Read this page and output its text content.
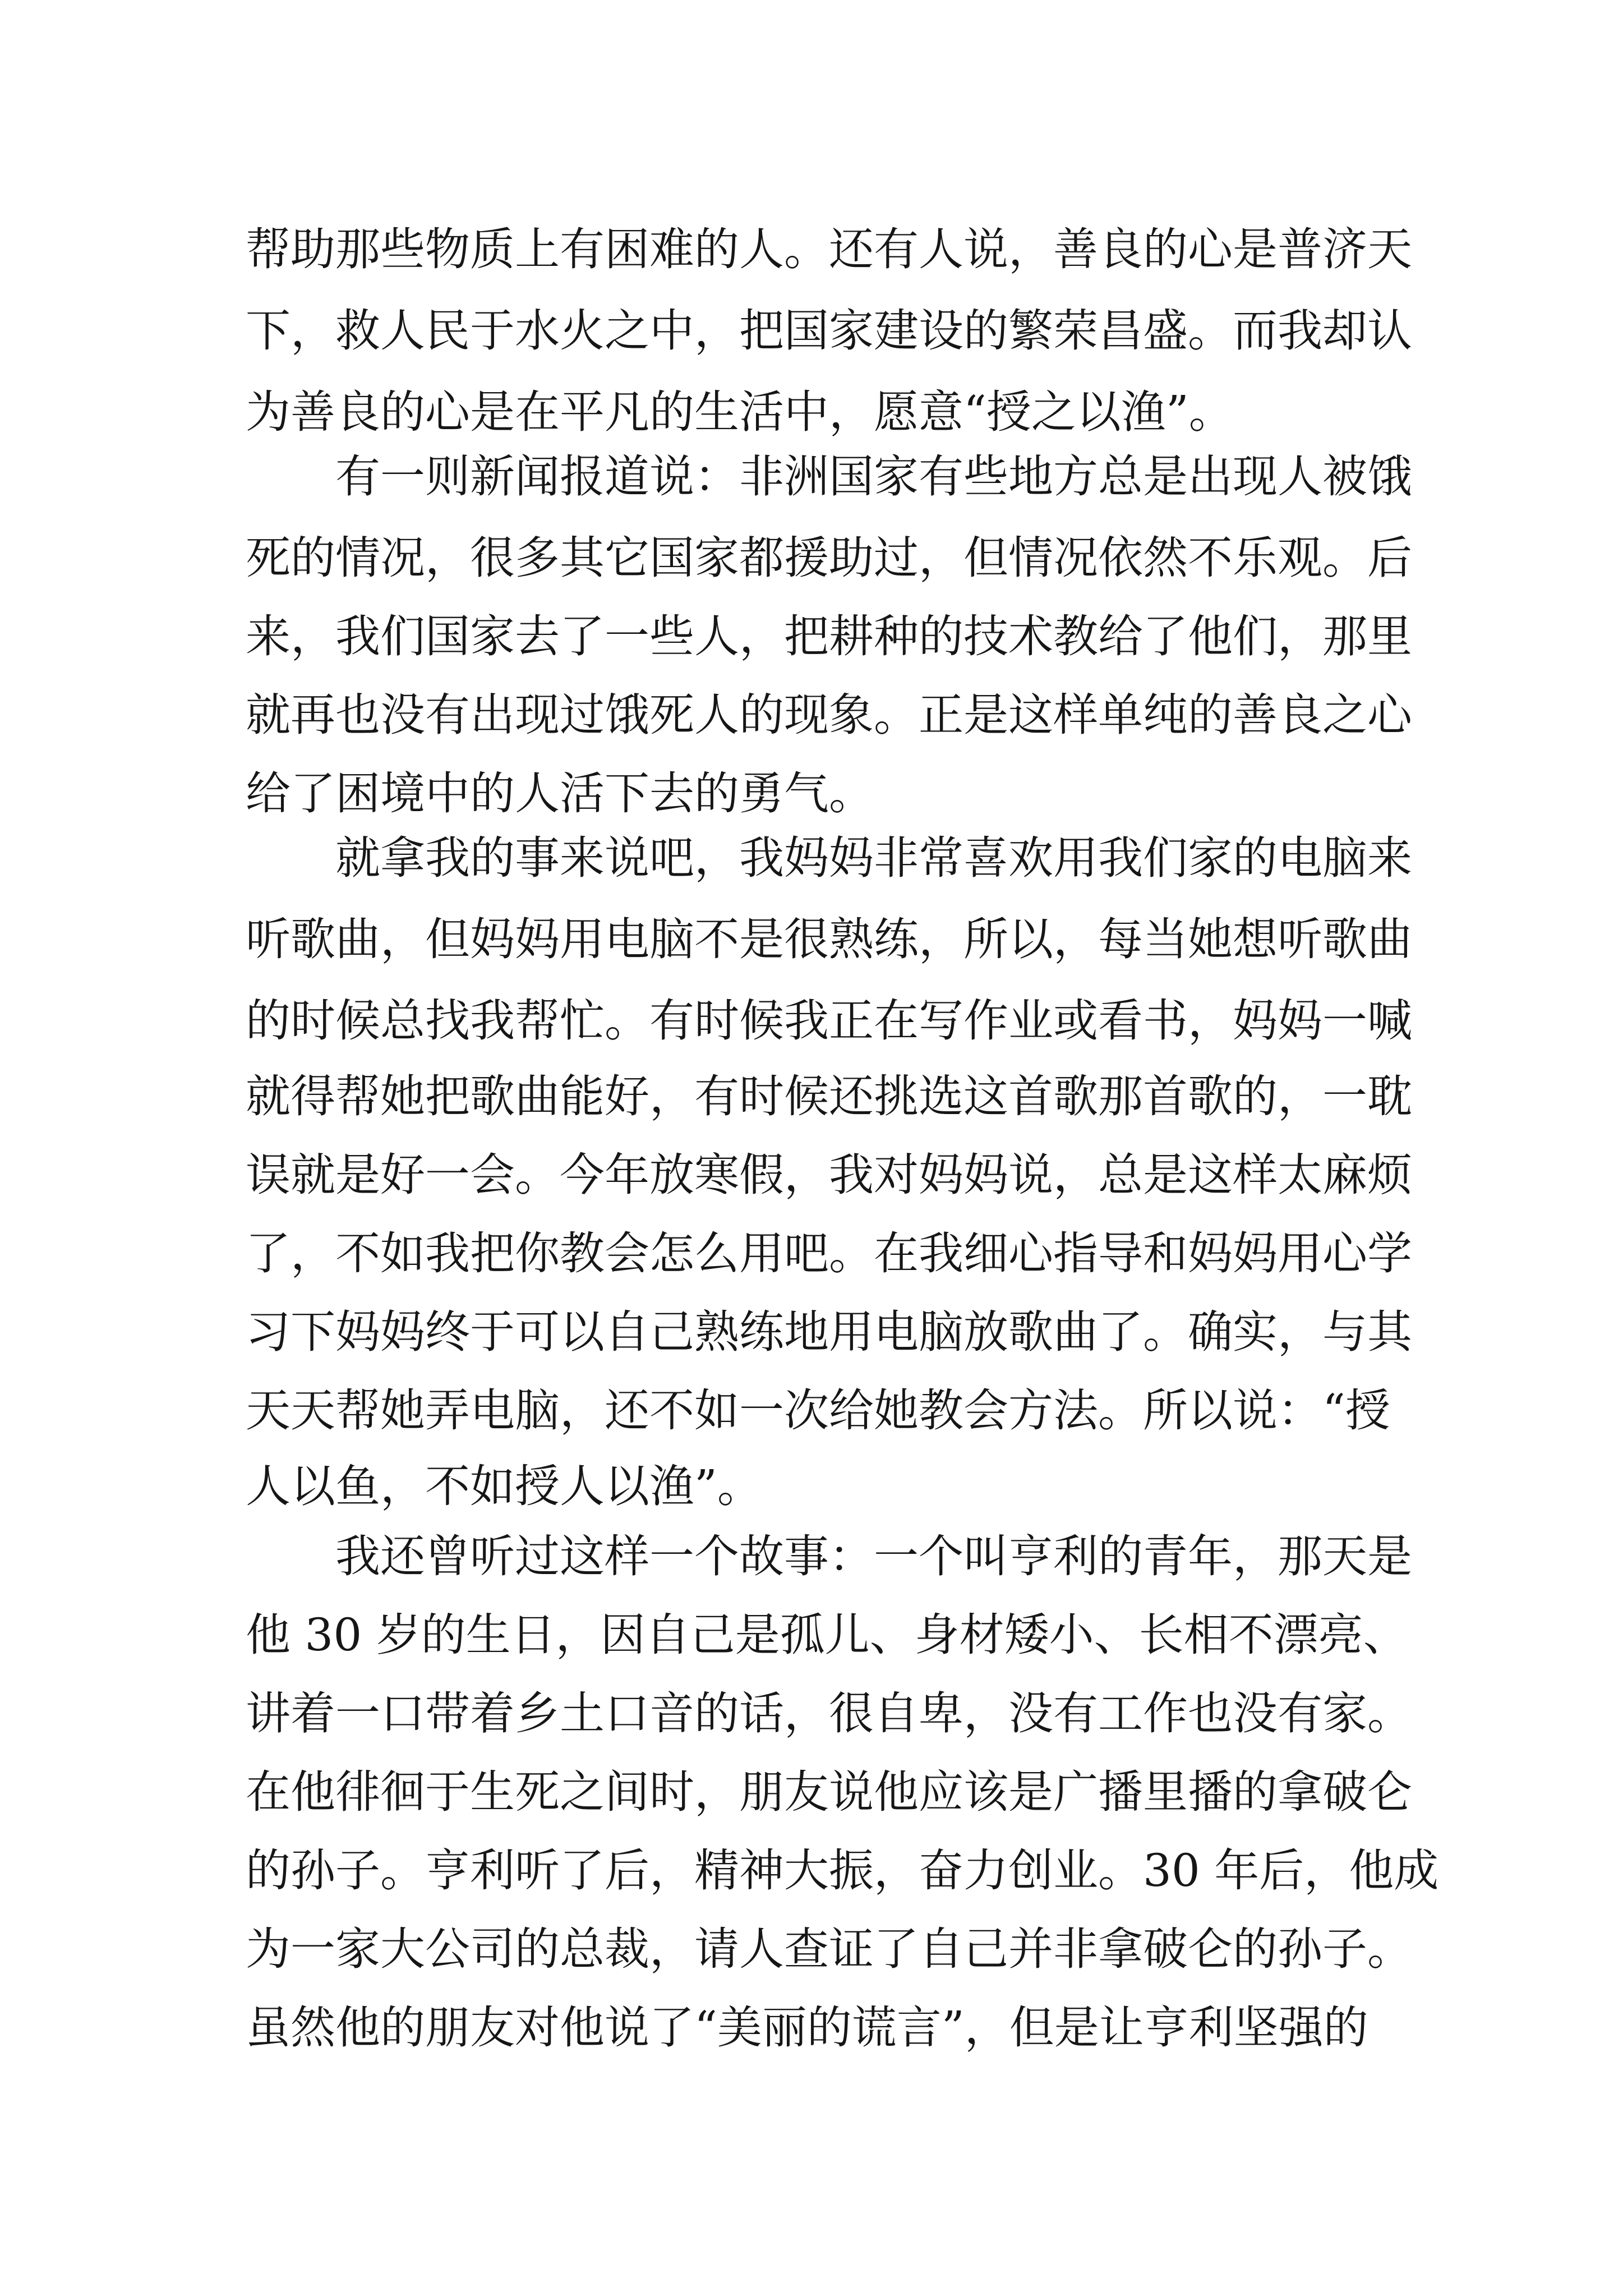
帮助那些物质上有困难的人。还有人说，善良的心是普济天
下，救人民于水火之中，把国家建设的繁荣昌盛。而我却认
为善良的心是在平凡的生活中，愿意“授之以渔”。
有一则新闻报道说：非洲国家有些地方总是出现人被饿
死的情况，很多其它国家都援助过，但情况依然不乐观。后
来，我们国家去了一些人，把耕种的技术教给了他们，那里
就再也没有出现过饿死人的现象。正是这样单纯的善良之心
给了困境中的人活下去的勇气。
就拿我的事来说吧，我妈妈非常喜欢用我们家的电脑来
听歌曲，但妈妈用电脑不是很熟练，所以，每当她想听歌曲
的时候总找我帮忙。有时候我正在写作业或看书，妈妈一喊
就得帮她把歌曲能好，有时候还挑选这首歌那首歌的，一耽
误就是好一会。今年放寒假，我对妈妈说，总是这样太麻烦
了，不如我把你教会怎么用吧。在我细心指导和妈妈用心学
习下妈妈终于可以自己熟练地用电脑放歌曲了。确实，与其
天天帮她弄电脑，还不如一次给她教会方法。所以说：“授
人以鱼，不如授人以渔”。
我还曾听过这样一个故事：一个叫亨利的青年，那天是
他 30 岁的生日，因自己是孤儿、身材矮小、长相不漂亮、
讲着一口带着乡土口音的话，很自卑，没有工作也没有家。
在他徘徊于生死之间时，朋友说他应该是广播里播的拿破仑
的孙子。亨利听了后，精神大振，奋力创业。30 年后，他成
为一家大公司的总裁，请人查证了自己并非拿破仑的孙子。
虽然他的朋友对他说了“美丽的谎言”，但是让亨利坚强的
